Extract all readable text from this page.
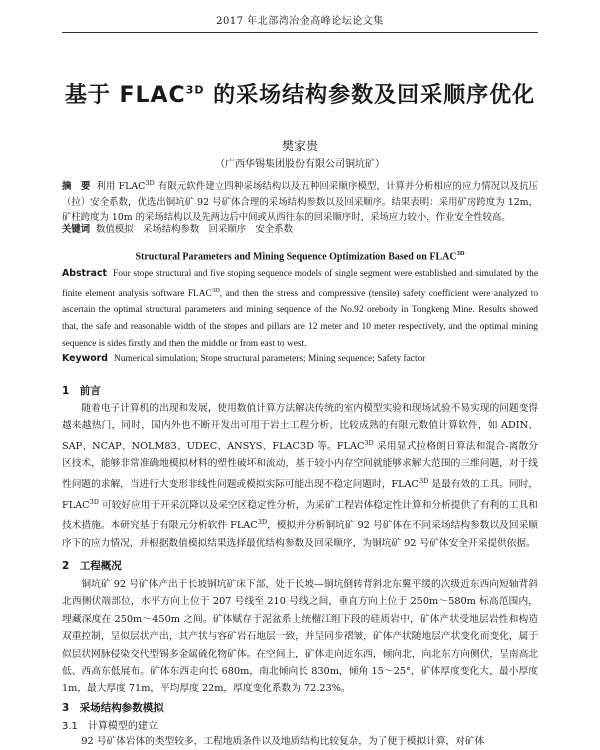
2017 年北部湾冶金高峰论坛论文集
基于 $FLAC^{3D}$ 的采场结构参数及回采顺序优化
樊家贵
（广西华锡集团股份有限公司铜坑矿）
摘　要 利用 $FLAC^{3D}$ 有限元软件建立四种采场结构以及五种回采顺序模型，计算并分析相应的应力情况以及抗压（拉）安全系数，优选出铜坑矿 92 号矿体合理的采场结构参数以及回采顺序。结果表明：采用矿房跨度为 12m，矿柱跨度为 10m 的采场结构以及先两边后中间或从西往东的回采顺序时，采场应力较小，作业安全性较高。
关键词 数值模拟　采场结构参数　回采顺序　安全系数
Structural Parameters and Mining Sequence Optimization Based on $FLAC^{3D}$
Abstract Four stope structural and five stoping sequence models of single segment were established and simulated by the finite element analysis software $FLAC^{3D}$, and then the stress and compressive (tensile) safety coefficient were analyzed to ascertain the optimal structural parameters and mining sequence of the No.92 orebody in Tongkeng Mine. Results showed that, the safe and reasonable width of the stopes and pillars are 12 meter and 10 meter respectively, and the optimal mining sequence is sides firstly and then the middle or from east to west.
Keyword Numerical simulation; Stope structural parameters; Mining sequence; Safety factor
1　前言
随着电子计算机的出现和发展，使用数值计算方法解决传统的室内模型实验和现场试验不易实现的问题变得越来越热门，同时，国内外也不断开发出可用于岩土工程分析、比较成熟的有限元数值计算软件，如 ADIN、SAP、NCAP、NOLM83、UDEC、ANSYS、FLAC3D 等。$FLAC^{3D}$ 采用显式拉格朗日算法和混合-离散分区技术，能够非常准确地模拟材料的塑性破坏和流动，基于较小内存空间就能够求解大范围的三维问题，对于线性问题的求解，当进行大变形非线性问题或模拟实际可能出现不稳定问题时，$FLAC^{3D}$ 是最有效的工具。同时，$FLAC^{3D}$ 可较好应用于开采沉降以及采空区稳定性分析，为采矿工程岩体稳定性计算和分析提供了有利的工具和技术措施。本研究基于有限元分析软件 $FLAC^{3D}$，模拟并分析铜坑矿 92 号矿体在不同采场结构参数以及回采顺序下的应力情况，并根据数值模拟结果选择最优结构参数及回采顺序，为铜坑矿 92 号矿体安全开采提供依据。
2　工程概况
铜坑矿 92 号矿体产出于长坡铜坑矿床下部，处于长坡—铜坑倒转背斜北东翼平缓的次级近东西向短轴背斜北西侧伏端部位，水平方向上位于 207 号线至 210 号线之间，垂直方向上位于 250m～580m 标高范围内，埋藏深度在 250m～450m 之间。矿体赋存于泥盆系上统榴江组下段的硅质岩中，矿体产状受地层岩性和构造双重控制，呈似层状产出，其产状与容矿岩石地层一致，并呈同步褶皱，矿体产状随地层产状变化而变化，属于似层状网脉侵染交代型锡多金属硫化物矿体。在空间上，矿体走向近东西，倾向北，向北东方向侧伏，呈南高北低、西高东低展布。矿体东西走向长 680m，南北倾向长 830m，倾角 15～25°，矿体厚度变化大，最小厚度 1m，最大厚度 71m，平均厚度 22m，厚度变化系数为 72.23%。
3　采场结构参数模拟
3.1　计算模型的建立
92 号矿体岩体的类型较多，工程地质条件以及地质结构比较复杂，为了便于模拟计算，对矿体
